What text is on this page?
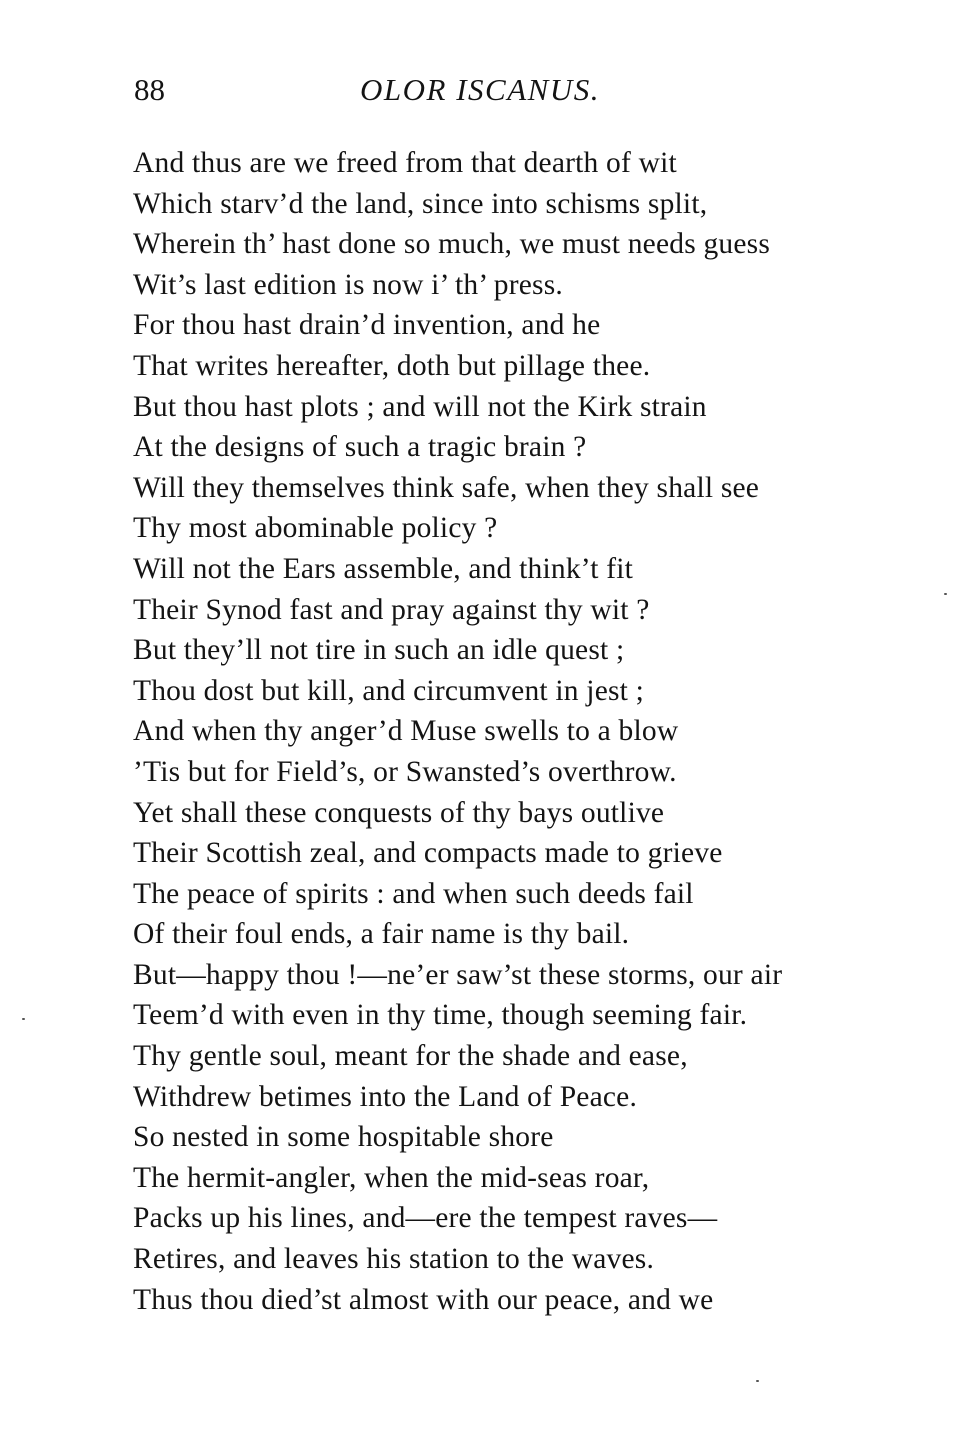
88	OLOR ISCANUS.
And thus are we freed from that dearth of wit
Which starv’d the land, since into schisms split,
Wherein th’ hast done so much, we must needs guess
Wit’s last edition is now i’ th’ press.
For thou hast drain’d invention, and he
That writes hereafter, doth but pillage thee.
But thou hast plots ; and will not the Kirk strain
At the designs of such a tragic brain ?
Will they themselves think safe, when they shall see
Thy most abominable policy ?
Will not the Ears assemble, and think’t fit
Their Synod fast and pray against thy wit ?
But they’ll not tire in such an idle quest ;
Thou dost but kill, and circumvent in jest ;
And when thy anger’d Muse swells to a blow
’Tis but for Field’s, or Swansted’s overthrow.
Yet shall these conquests of thy bays outlive
Their Scottish zeal, and compacts made to grieve
The peace of spirits : and when such deeds fail
Of their foul ends, a fair name is thy bail.
But—happy thou !—ne’er saw’st these storms, our air
Teem’d with even in thy time, though seeming fair.
Thy gentle soul, meant for the shade and ease,
Withdrew betimes into the Land of Peace.
So nested in some hospitable shore
The hermit-angler, when the mid-seas roar,
Packs up his lines, and—ere the tempest raves—
Retires, and leaves his station to the waves.
Thus thou died’st almost with our peace, and we
